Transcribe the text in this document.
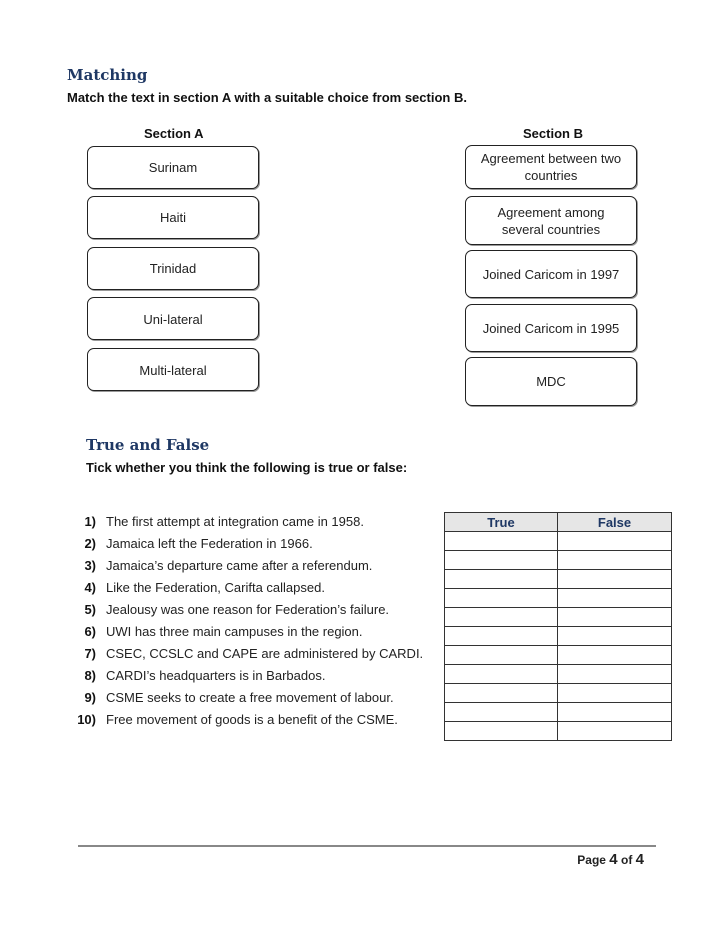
Matching
Match the text in section A with a suitable choice from section B.
Section A	Section B
Surinam
Haiti
Trinidad
Uni-lateral
Multi-lateral
Agreement between two
countries
Agreement among
several countries
Joined Caricom in 1997
Joined Caricom in 1995
MDC
True and False
Tick whether you think the following is true or false:
1) The first attempt at integration came in 1958.
2) Jamaica left the Federation in 1966.
3) Jamaica’s departure came after a referendum.
4) Like the Federation, Carifta callapsed.
5) Jealousy was one reason for Federation’s failure.
6) UWI has three main campuses in the region.
7) CSEC, CCSLC and CAPE are administered by CARDI.
8) CARDI’s headquarters is in Barbados.
9) CSME seeks to create a free movement of labour.
10) Free movement of goods is a benefit of the CSME.
True	False

Page 4 of 4
